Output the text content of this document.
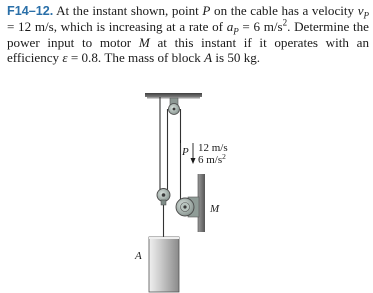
F14–12. At the instant shown, point P on the cable has a velocity $v_P = 12$ m/s, which is increasing at a rate of $a_P = 6$ $m/s^2$. Determine the power input to motor M at this instant if it operates with an efficiency ε = 0.8. The mass of block A is 50 kg.
A
M
P 12 m/s
6 $m/s^2$
